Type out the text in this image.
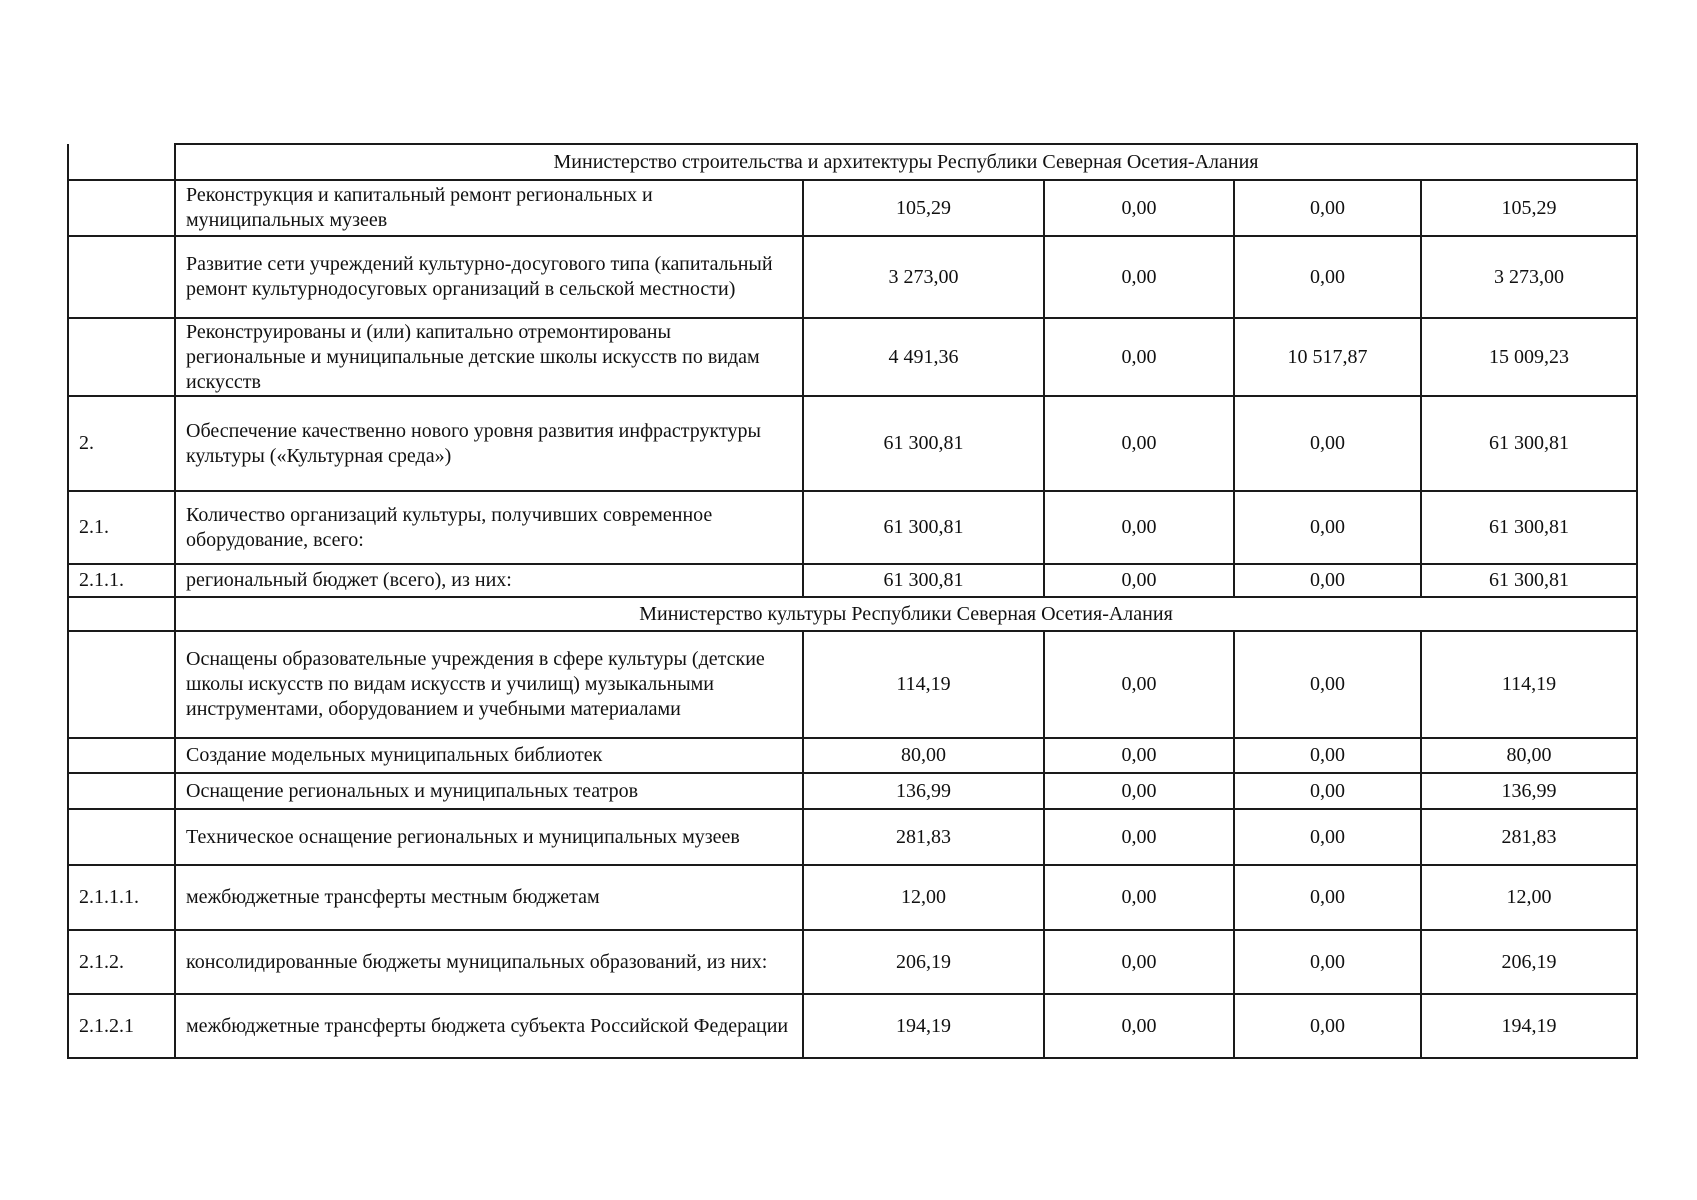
	Министерство строительства и архитектуры Республики Северная Осетия-Алания				
	Реконструкция и капитальный ремонт региональных и муниципальных музеев	105,29	0,00	0,00	105,29
	Развитие сети учреждений культурно-досугового типа (капитальный ремонт культурнодосуговых организаций в сельской местности)	3 273,00	0,00	0,00	3 273,00
	Реконструированы и (или) капитально отремонтированы региональные и муниципальные детские школы искусств по видам искусств	4 491,36	0,00	10 517,87	15 009,23
2.	Обеспечение качественно нового уровня развития инфраструктуры культуры («Культурная среда»)	61 300,81	0,00	0,00	61 300,81
2.1.	Количество организаций культуры, получивших современное оборудование, всего:	61 300,81	0,00	0,00	61 300,81
2.1.1.	региональный бюджет (всего), из них:	61 300,81	0,00	0,00	61 300,81
	Министерство культуры Республики Северная Осетия-Алания				
	Оснащены образовательные учреждения в сфере культуры (детские школы искусств по видам искусств и училищ) музыкальными инструментами, оборудованием и учебными материалами	114,19	0,00	0,00	114,19
	Создание модельных муниципальных библиотек	80,00	0,00	0,00	80,00
	Оснащение региональных и муниципальных театров	136,99	0,00	0,00	136,99
	Техническое оснащение региональных и муниципальных музеев	281,83	0,00	0,00	281,83
2.1.1.1.	межбюджетные трансферты местным бюджетам	12,00	0,00	0,00	12,00
2.1.2.	консолидированные бюджеты муниципальных образований, из них:	206,19	0,00	0,00	206,19
2.1.2.1	межбюджетные трансферты бюджета субъекта Российской Федерации	194,19	0,00	0,00	194,19
